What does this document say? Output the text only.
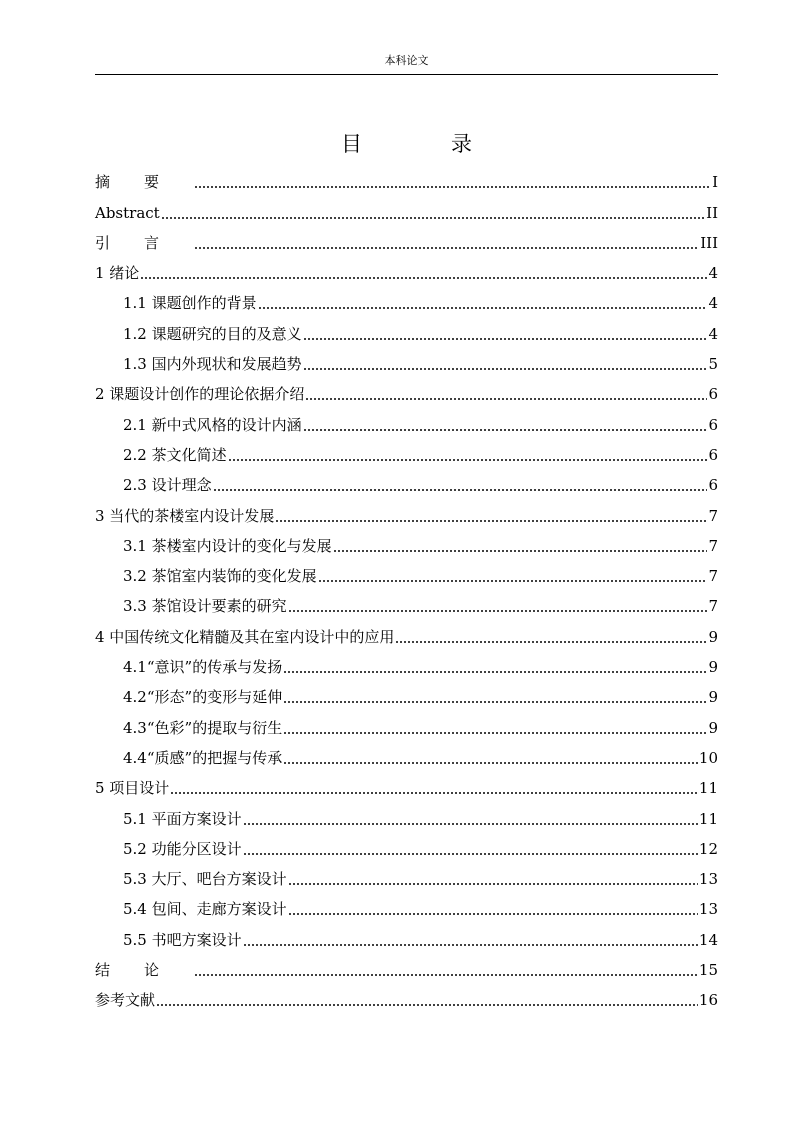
本科论文
目　录
摘要	I
Abstract	II
引言	III
1 绪论	4
1.1 课题创作的背景	4
1.2 课题研究的目的及意义	4
1.3 国内外现状和发展趋势	5
2 课题设计创作的理论依据介绍	6
2.1 新中式风格的设计内涵	6
2.2 茶文化简述	6
2.3 设计理念	6
3 当代的茶楼室内设计发展	7
3.1 茶楼室内设计的变化与发展	7
3.2 茶馆室内装饰的变化发展	7
3.3 茶馆设计要素的研究	7
4 中国传统文化精髓及其在室内设计中的应用	9
4.1“意识”的传承与发扬	9
4.2“形态”的变形与延伸	9
4.3“色彩”的提取与衍生	9
4.4“质感”的把握与传承	10
5 项目设计	11
5.1 平面方案设计	11
5.2 功能分区设计	12
5.3 大厅、吧台方案设计	13
5.4 包间、走廊方案设计	13
5.5 书吧方案设计	14
结论	15
参考文献	16
